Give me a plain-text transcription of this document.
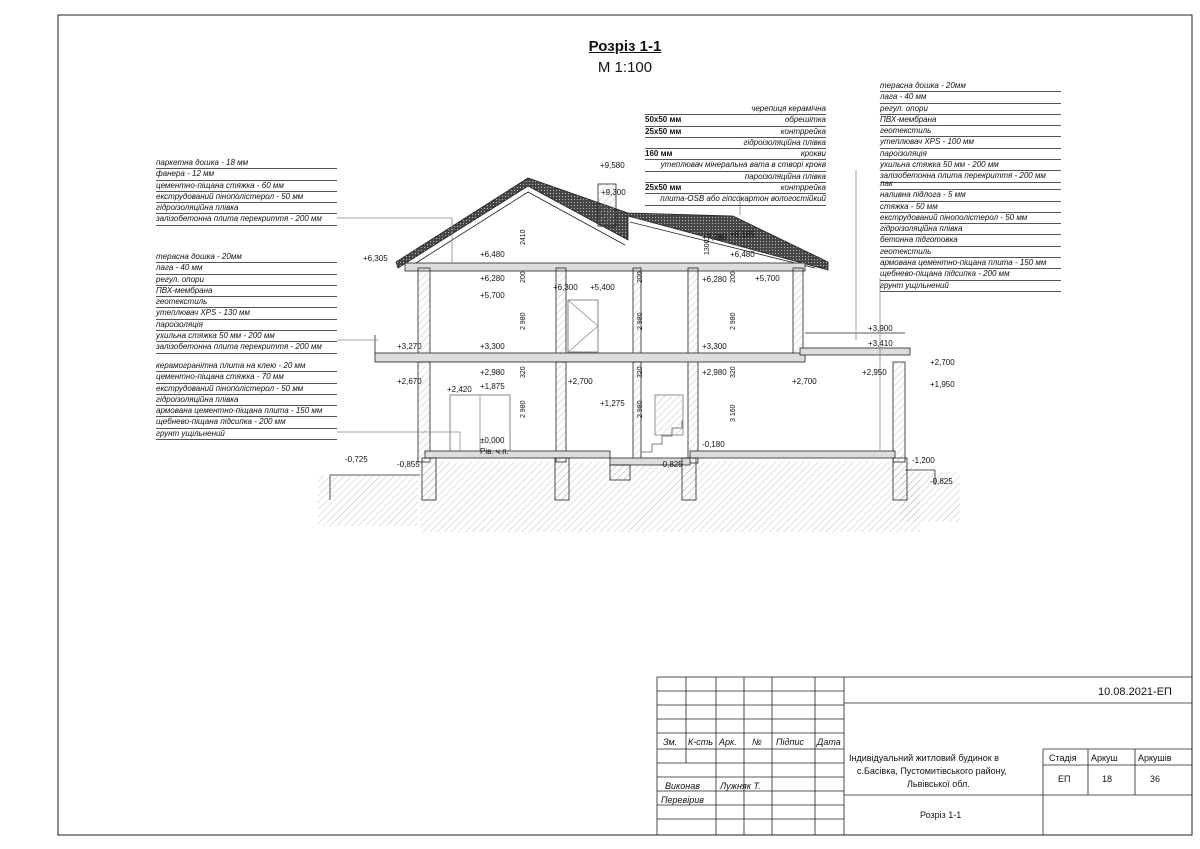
Розріз 1-1
М 1:100
черепиця керамічна
50х50 мм	обрешітка
25х50 мм	контррейка
гідроізоляційна плівка
160 мм	крокви
утеплювач мінеральна вата в створі крокв
пароізоляційна плівка
25х50 мм	контррейка
плита-OSB або гіпсокартон вологостійкий
терасна дошка - 20мм
лага - 40 мм
регул. опори
ПВХ-мембрана
геотекстиль
утеплювач XPS - 100 мм
пароізоляція
ухильна стяжка 50 мм - 200 мм
залізобетонна плита перекриття - 200 мм
лак
наливна підлога - 5 мм
стяжка - 50 мм
екструдований пінополістерол - 50 мм
гідроізоляційна плівка
бетонна підготовка
геотекстиль
армована цементно-піщана плита - 150 мм
щебнево-піщана підсипка - 200 мм
грунт ущільнений
паркетна дошка - 18 мм
фанера - 12 мм
цементно-піщана стяжка - 60 мм
екструдований пінополістерол - 50 мм
гідроізоляційна плівка
залізобетонна плита перекриття - 200 мм
терасна дошка - 20мм
лага - 40 мм
регул. опори
ПВХ-мембрана
геотекстиль
утеплювач XPS - 130 мм
пароізоляція
ухильна стяжка 50 мм - 200 мм
залізобетонна плита перекриття - 200 мм
керамогранітна плита на клею - 20 мм
цементно-піщана стяжка - 70 мм
екструдований пінополістерол - 50 мм
гідроізоляційна плівка
армована цементно-піщана плита - 150 мм
щебнево-піщана підсипка - 200 мм
грунт ущільнений
+9,580
+9,300
+8,185
+7,780
+6,480	+6,480
+6,305
+6,280	+6,280
+6,300
+5,700
+5,400
+5,700
+3,900
+3,410
+3,270	+3,300	+3,300
+2,980	+2,980
+2,700	+2,700
+2,700
+2,950
+2,670
+2,420 +1,875	+1,950
+1,275
±0,000
Рів. ч.п.
-0,180
-0,725
-0,855	-0,825
-0,825
-1,200
2410
1300
200	200	200
2 980	2 980	2 980
320	320	320
2 980	2 980	3 160
10.08.2021-ЕП
Зм. К-сть Арк. № Підпис Дата
Виконав Лужняк Т.
Перевірив
Індивідуальний житловий будинок в
с.Басівка, Пустомитівського району,
Львівської обл.
Стадія Аркуш Аркушів
ЕП	18	36
Розріз 1-1
